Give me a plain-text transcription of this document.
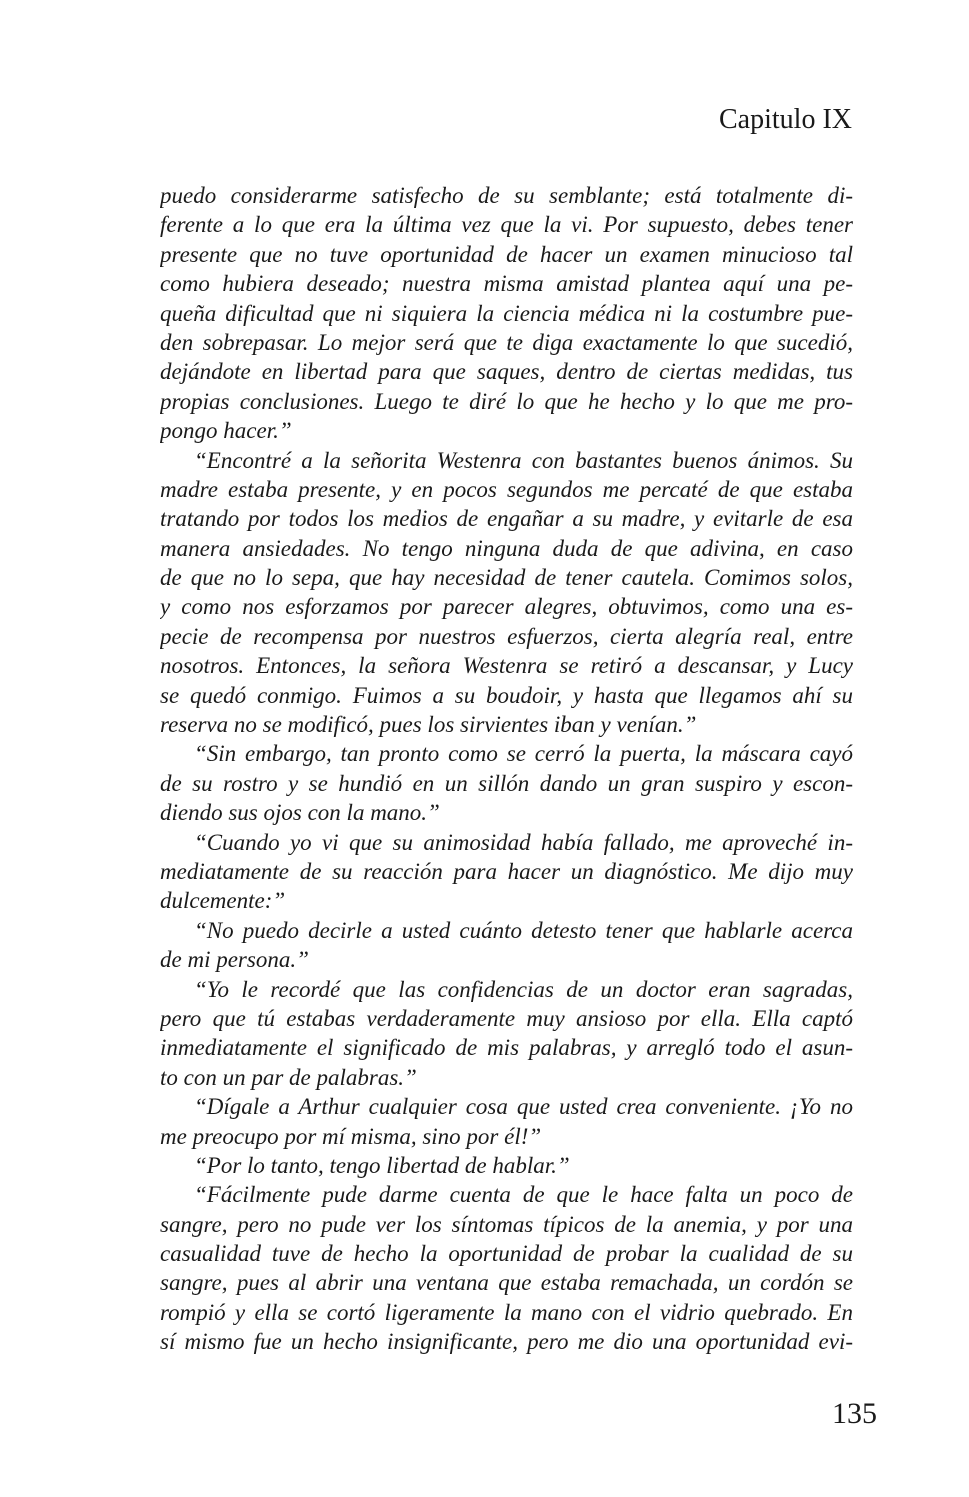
Capitulo IX
puedo considerarme satisfecho de su semblante; está totalmente di-
ferente a lo que era la última vez que la vi. Por supuesto, debes tener
presente que no tuve oportunidad de hacer un examen minucioso tal
como hubiera deseado; nuestra misma amistad plantea aquí una pe-
queña dificultad que ni siquiera la ciencia médica ni la costumbre pue-
den sobrepasar. Lo mejor será que te diga exactamente lo que sucedió,
dejándote en libertad para que saques, dentro de ciertas medidas, tus
propias conclusiones. Luego te diré lo que he hecho y lo que me pro-
pongo hacer.”
“Encontré a la señorita Westenra con bastantes buenos ánimos. Su
madre estaba presente, y en pocos segundos me percaté de que estaba
tratando por todos los medios de engañar a su madre, y evitarle de esa
manera ansiedades. No tengo ninguna duda de que adivina, en caso
de que no lo sepa, que hay necesidad de tener cautela. Comimos solos,
y como nos esforzamos por parecer alegres, obtuvimos, como una es-
pecie de recompensa por nuestros esfuerzos, cierta alegría real, entre
nosotros. Entonces, la señora Westenra se retiró a descansar, y Lucy
se quedó conmigo. Fuimos a su boudoir, y hasta que llegamos ahí su
reserva no se modificó, pues los sirvientes iban y venían.”
“Sin embargo, tan pronto como se cerró la puerta, la máscara cayó
de su rostro y se hundió en un sillón dando un gran suspiro y escon-
diendo sus ojos con la mano.”
“Cuando yo vi que su animosidad había fallado, me aproveché in-
mediatamente de su reacción para hacer un diagnóstico. Me dijo muy
dulcemente:”
“No puedo decirle a usted cuánto detesto tener que hablarle acerca
de mi persona.”
“Yo le recordé que las confidencias de un doctor eran sagradas,
pero que tú estabas verdaderamente muy ansioso por ella. Ella captó
inmediatamente el significado de mis palabras, y arregló todo el asun-
to con un par de palabras.”
“Dígale a Arthur cualquier cosa que usted crea conveniente. ¡Yo no
me preocupo por mí misma, sino por él!”
“Por lo tanto, tengo libertad de hablar.”
“Fácilmente pude darme cuenta de que le hace falta un poco de
sangre, pero no pude ver los síntomas típicos de la anemia, y por una
casualidad tuve de hecho la oportunidad de probar la cualidad de su
sangre, pues al abrir una ventana que estaba remachada, un cordón se
rompió y ella se cortó ligeramente la mano con el vidrio quebrado. En
sí mismo fue un hecho insignificante, pero me dio una oportunidad evi-
135
